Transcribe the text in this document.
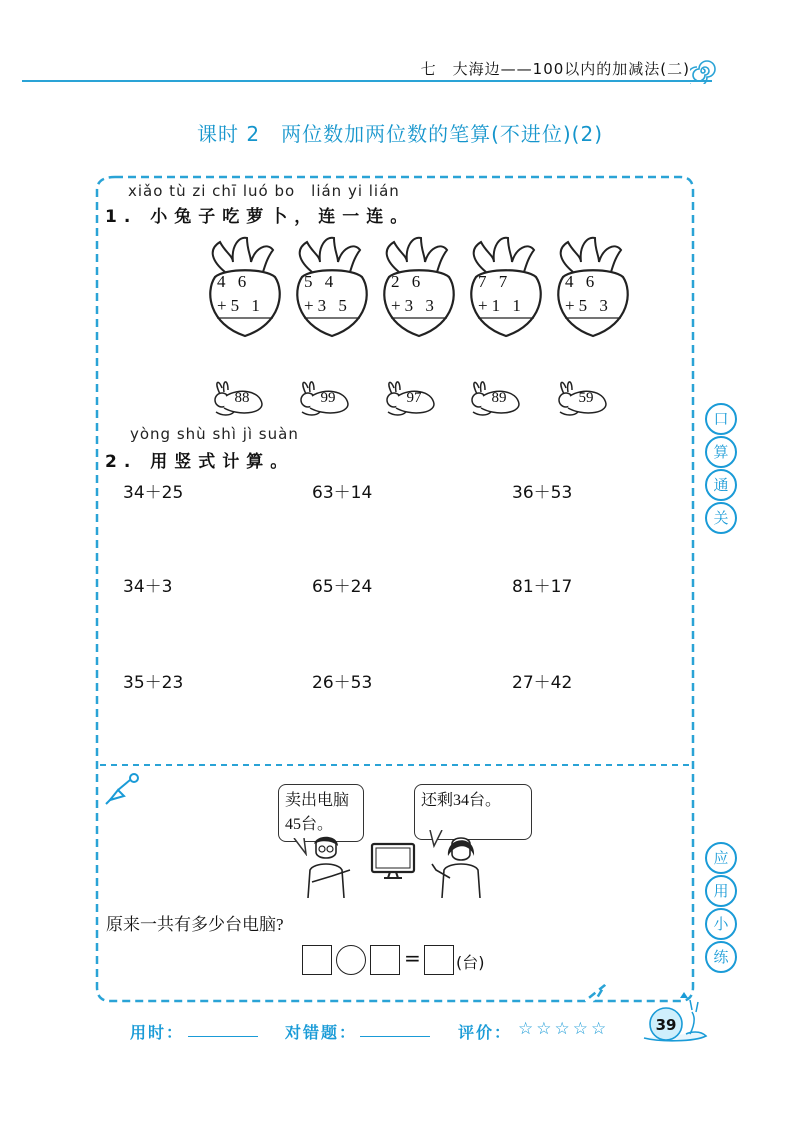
七　大海边——100以内的加减法(二)
课时 2　两位数加两位数的笔算(不进位)(2)
xiǎo tù zi chī luó bo　lián yi lián
1. 小兔子吃萝卜，连一连。
4 6
+5 1
5 4
+3 5
2 6
+3 3
7 7
+1 1
4 6
+5 3
88	99	97	89	59
yòng shù shì jì suàn
2. 用竖式计算。
34＋25	63＋14	36＋53
34＋3	65＋24	81＋17
35＋23	26＋53	27＋42
口
算
通
关
应
用
小
练
卖出电脑
45台。
还剩34台。
原来一共有多少台电脑?
= (台)
用时：	对错题：	评价： ☆☆☆☆☆	39
